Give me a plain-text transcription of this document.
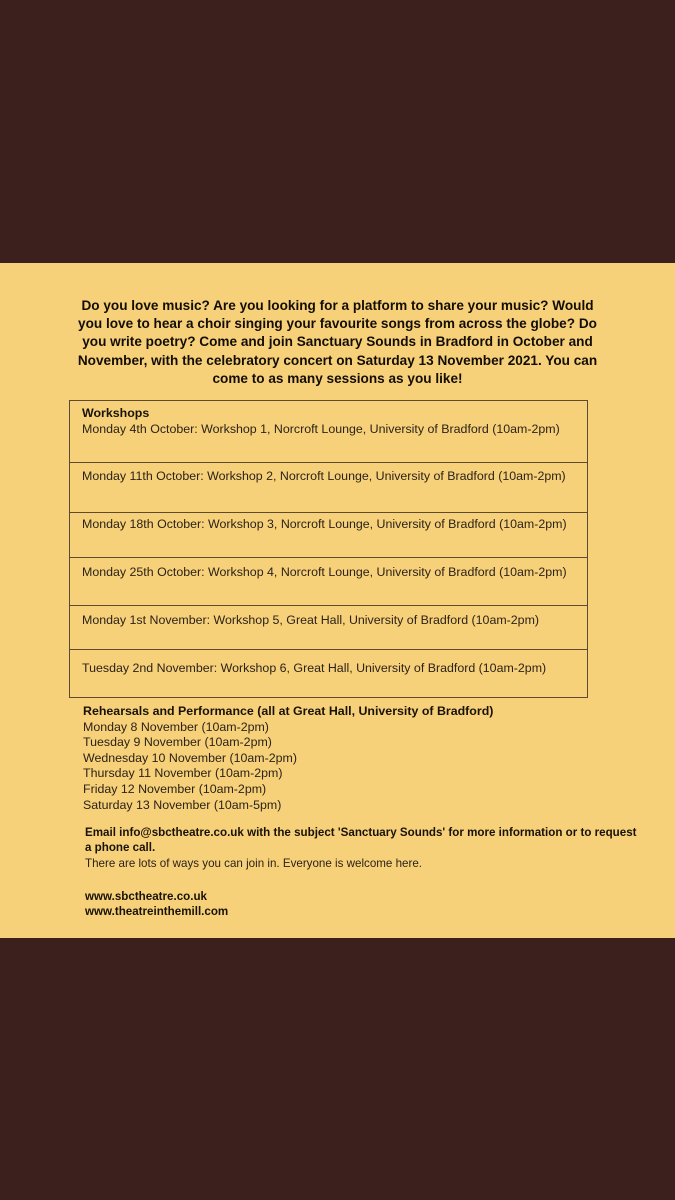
Do you love music? Are you looking for a platform to share your music? Would you love to hear a choir singing your favourite songs from across the globe? Do you write poetry? Come and join Sanctuary Sounds in Bradford in October and November, with the celebratory concert on Saturday 13 November 2021. You can come to as many sessions as you like!

Workshops
Monday 4th October: Workshop 1, Norcroft Lounge, University of Bradford (10am-2pm)
Monday 11th October: Workshop 2, Norcroft Lounge, University of Bradford (10am-2pm)
Monday 18th October: Workshop 3, Norcroft Lounge, University of Bradford (10am-2pm)
Monday 25th October: Workshop 4, Norcroft Lounge, University of Bradford (10am-2pm)
Monday 1st November: Workshop 5, Great Hall, University of Bradford (10am-2pm)
Tuesday 2nd November: Workshop 6, Great Hall, University of Bradford (10am-2pm)
Rehearsals and Performance (all at Great Hall, University of Bradford)
Monday 8 November (10am-2pm)
Tuesday 9 November (10am-2pm)
Wednesday 10 November (10am-2pm)
Thursday 11 November (10am-2pm)
Friday 12 November (10am-2pm)
Saturday 13 November (10am-5pm)
Email info@sbctheatre.co.uk with the subject 'Sanctuary Sounds' for more information or to request a phone call.
There are lots of ways you can join in. Everyone is welcome here.
www.sbctheatre.co.uk
www.theatreinthemill.com
